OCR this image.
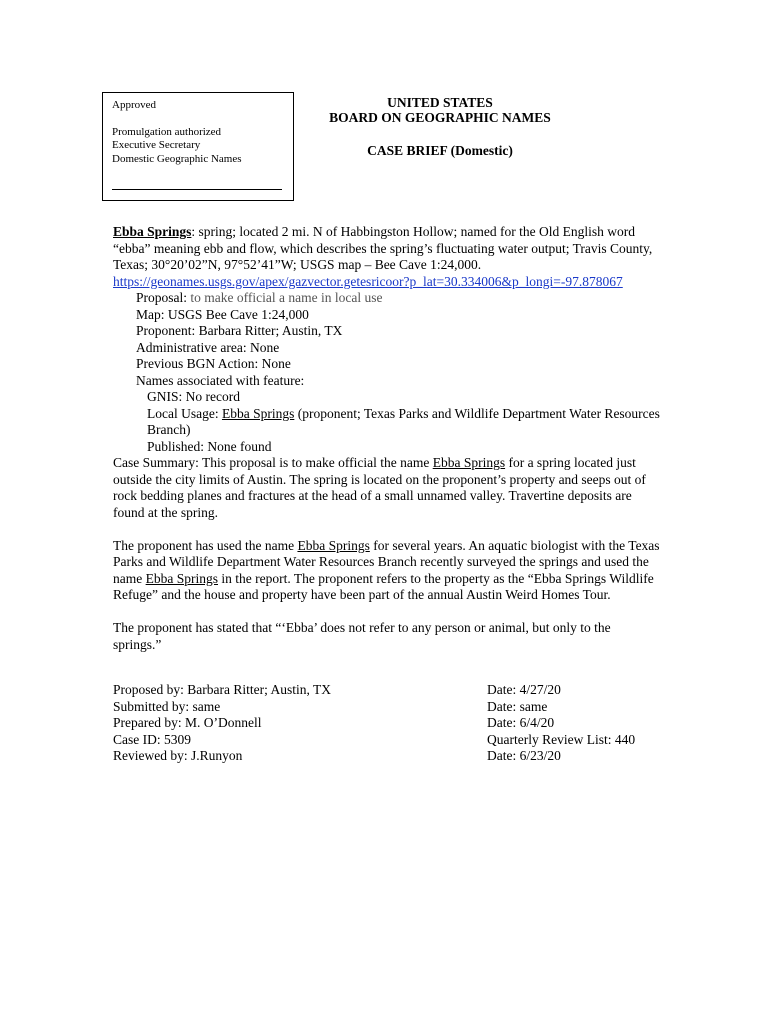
Approved
Promulgation authorized
Executive Secretary
Domestic Geographic Names
UNITED STATES
BOARD ON GEOGRAPHIC NAMES
CASE BRIEF (Domestic)

Ebba Springs: spring; located 2 mi. N of Habbingston Hollow; named for the Old English word “ebba” meaning ebb and flow, which describes the spring’s fluctuating water output; Travis County, Texas; 30°20’02”N, 97°52’41”W; USGS map – Bee Cave 1:24,000.
https://geonames.usgs.gov/apex/gazvector.getesricoor?p_lat=30.334006&p_longi=-97.878067

Proposal: to make official a name in local use

Map: USGS Bee Cave 1:24,000

Proponent: Barbara Ritter; Austin, TX

Administrative area: None

Previous BGN Action: None

Names associated with feature:

GNIS: No record

Local Usage: Ebba Springs (proponent; Texas Parks and Wildlife Department Water Resources Branch)

Published: None found

Case Summary: This proposal is to make official the name Ebba Springs for a spring located just outside the city limits of Austin. The spring is located on the proponent’s property and seeps out of rock bedding planes and fractures at the head of a small unnamed valley. Travertine deposits are found at the spring.

The proponent has used the name Ebba Springs for several years. An aquatic biologist with the Texas Parks and Wildlife Department Water Resources Branch recently surveyed the springs and used the name Ebba Springs in the report. The proponent refers to the property as the “Ebba Springs Wildlife Refuge” and the house and property have been part of the annual Austin Weird Homes Tour.

The proponent has stated that “‘Ebba’ does not refer to any person or animal, but only to the springs.”

Proposed by: Barbara Ritter; Austin, TX	Date: 4/27/20
Submitted by: same	Date: same
Prepared by: M. O’Donnell	Date: 6/4/20
Case ID: 5309	Quarterly Review List: 440
Reviewed by: J.Runyon	Date: 6/23/20
